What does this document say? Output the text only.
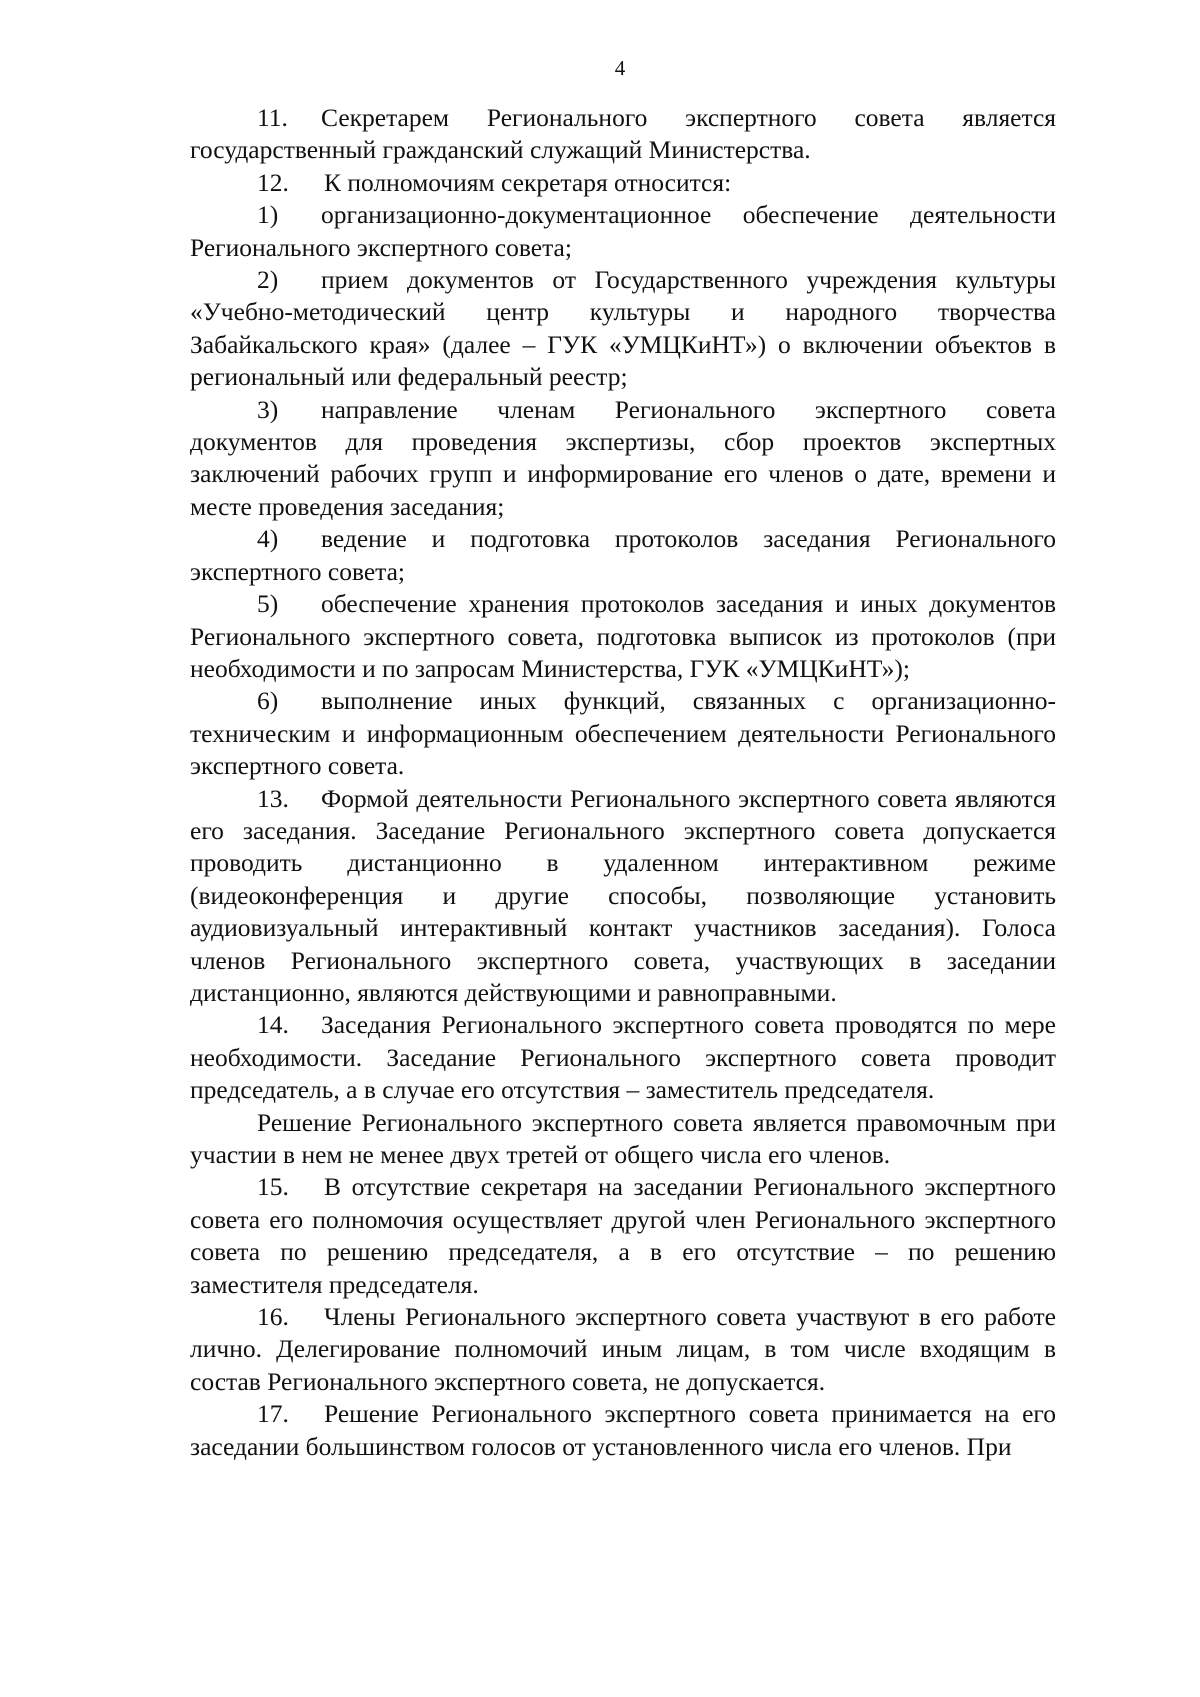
4

11. Секретарем Регионального экспертного совета является государственный гражданский служащий Министерства.

12. К полномочиям секретаря относится:

1) организационно-документационное обеспечение деятельности Регионального экспертного совета;

2) прием документов от Государственного учреждения культуры «Учебно-методический центр культуры и народного творчества Забайкальского края» (далее – ГУК «УМЦКиНТ») о включении объектов в региональный или федеральный реестр;

3) направление членам Регионального экспертного совета документов для проведения экспертизы, сбор проектов экспертных заключений рабочих групп и информирование его членов о дате, времени и месте проведения заседания;

4) ведение и подготовка протоколов заседания Регионального экспертного совета;

5) обеспечение хранения протоколов заседания и иных документов Регионального экспертного совета, подготовка выписок из протоколов (при необходимости и по запросам Министерства, ГУК «УМЦКиНТ»);

6) выполнение иных функций, связанных с организационно-техническим и информационным обеспечением деятельности Регионального экспертного совета.

13. Формой деятельности Регионального экспертного совета являются его заседания. Заседание Регионального экспертного совета допускается проводить дистанционно в удаленном интерактивном режиме (видеоконференция и другие способы, позволяющие установить аудиовизуальный интерактивный контакт участников заседания). Голоса членов Регионального экспертного совета, участвующих в заседании дистанционно, являются действующими и равноправными.

14. Заседания Регионального экспертного совета проводятся по мере необходимости. Заседание Регионального экспертного совета проводит председатель, а в случае его отсутствия – заместитель председателя.

Решение Регионального экспертного совета является правомочным при участии в нем не менее двух третей от общего числа его членов.

15. В отсутствие секретаря на заседании Регионального экспертного совета его полномочия осуществляет другой член Регионального экспертного совета по решению председателя, а в его отсутствие – по решению заместителя председателя.

16. Члены Регионального экспертного совета участвуют в его работе лично. Делегирование полномочий иным лицам, в том числе входящим в состав Регионального экспертного совета, не допускается.

17. Решение Регионального экспертного совета принимается на его заседании большинством голосов от установленного числа его членов. При
